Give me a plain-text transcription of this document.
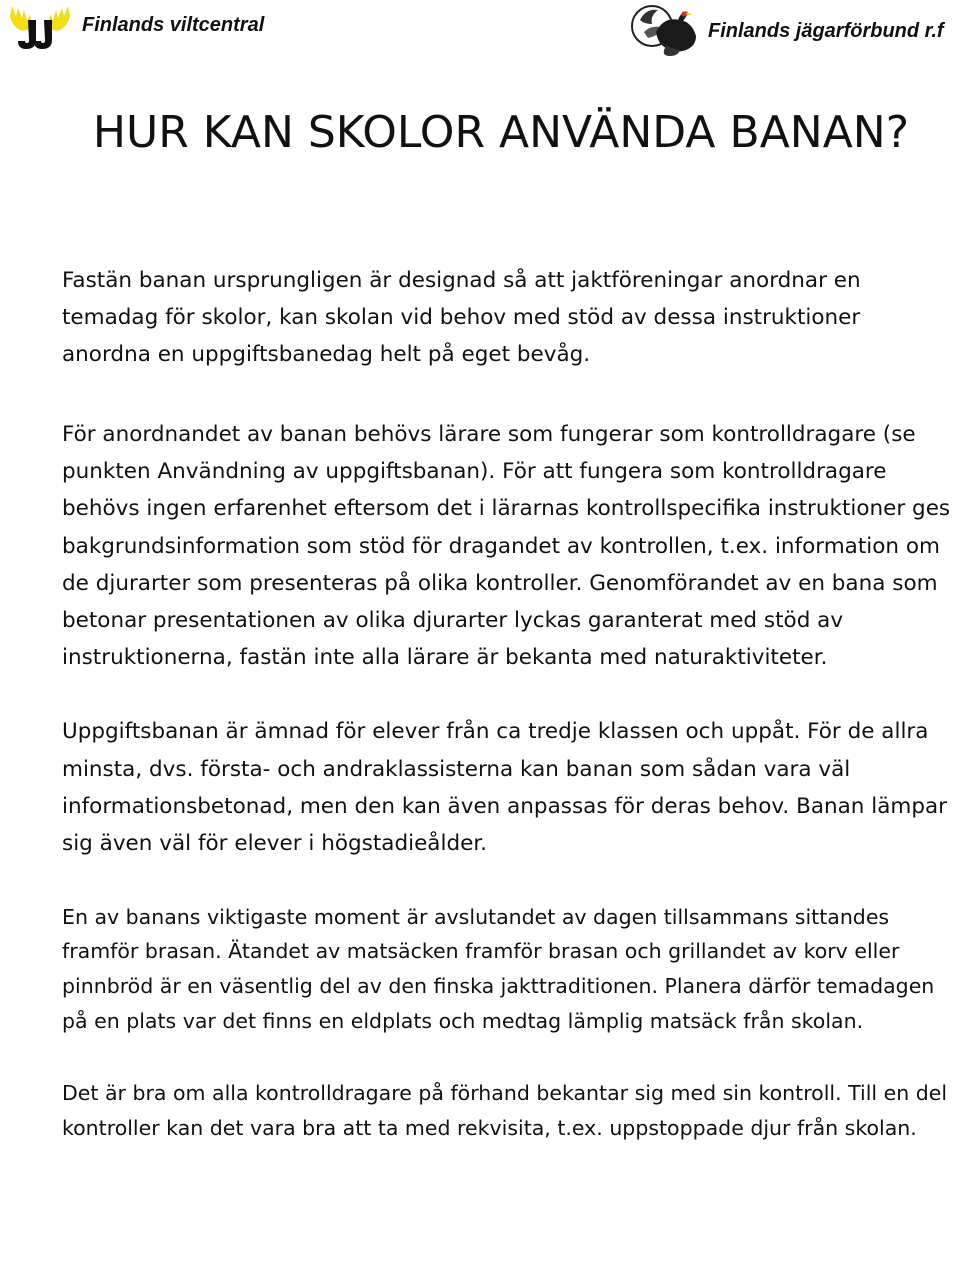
Finlands viltcentral	Finlands jägarförbund r.f
HUR KAN SKOLOR ANVÄNDA BANAN?

Fastän banan ursprungligen är designad så att jaktföreningar anordnar en temadag för skolor, kan skolan vid behov med stöd av dessa instruktioner anordna en uppgiftsbanedag helt på eget bevåg.

För anordnandet av banan behövs lärare som fungerar som kontrolldragare (se punkten Användning av uppgiftsbanan). För att fungera som kontrolldragare behövs ingen erfarenhet eftersom det i lärarnas kontrollspecifika instruktioner ges bakgrundsinformation som stöd för dragandet av kontrollen, t.ex. information om de djurarter som presenteras på olika kontroller. Genomförandet av en bana som betonar presentationen av olika djurarter lyckas garanterat med stöd av instruktionerna, fastän inte alla lärare är bekanta med naturaktiviteter.

Uppgiftsbanan är ämnad för elever från ca tredje klassen och uppåt. För de allra minsta, dvs. första- och andraklassisterna kan banan som sådan vara väl informationsbetonad, men den kan även anpassas för deras behov. Banan lämpar sig även väl för elever i högstadieålder.

En av banans viktigaste moment är avslutandet av dagen tillsammans sittandes framför brasan. Ätandet av matsäcken framför brasan och grillandet av korv eller pinnbröd är en väsentlig del av den finska jakttraditionen. Planera därför temadagen på en plats var det finns en eldplats och medtag lämplig matsäck från skolan.

Det är bra om alla kontrolldragare på förhand bekantar sig med sin kontroll. Till en del kontroller kan det vara bra att ta med rekvisita, t.ex. uppstoppade djur från skolan.
